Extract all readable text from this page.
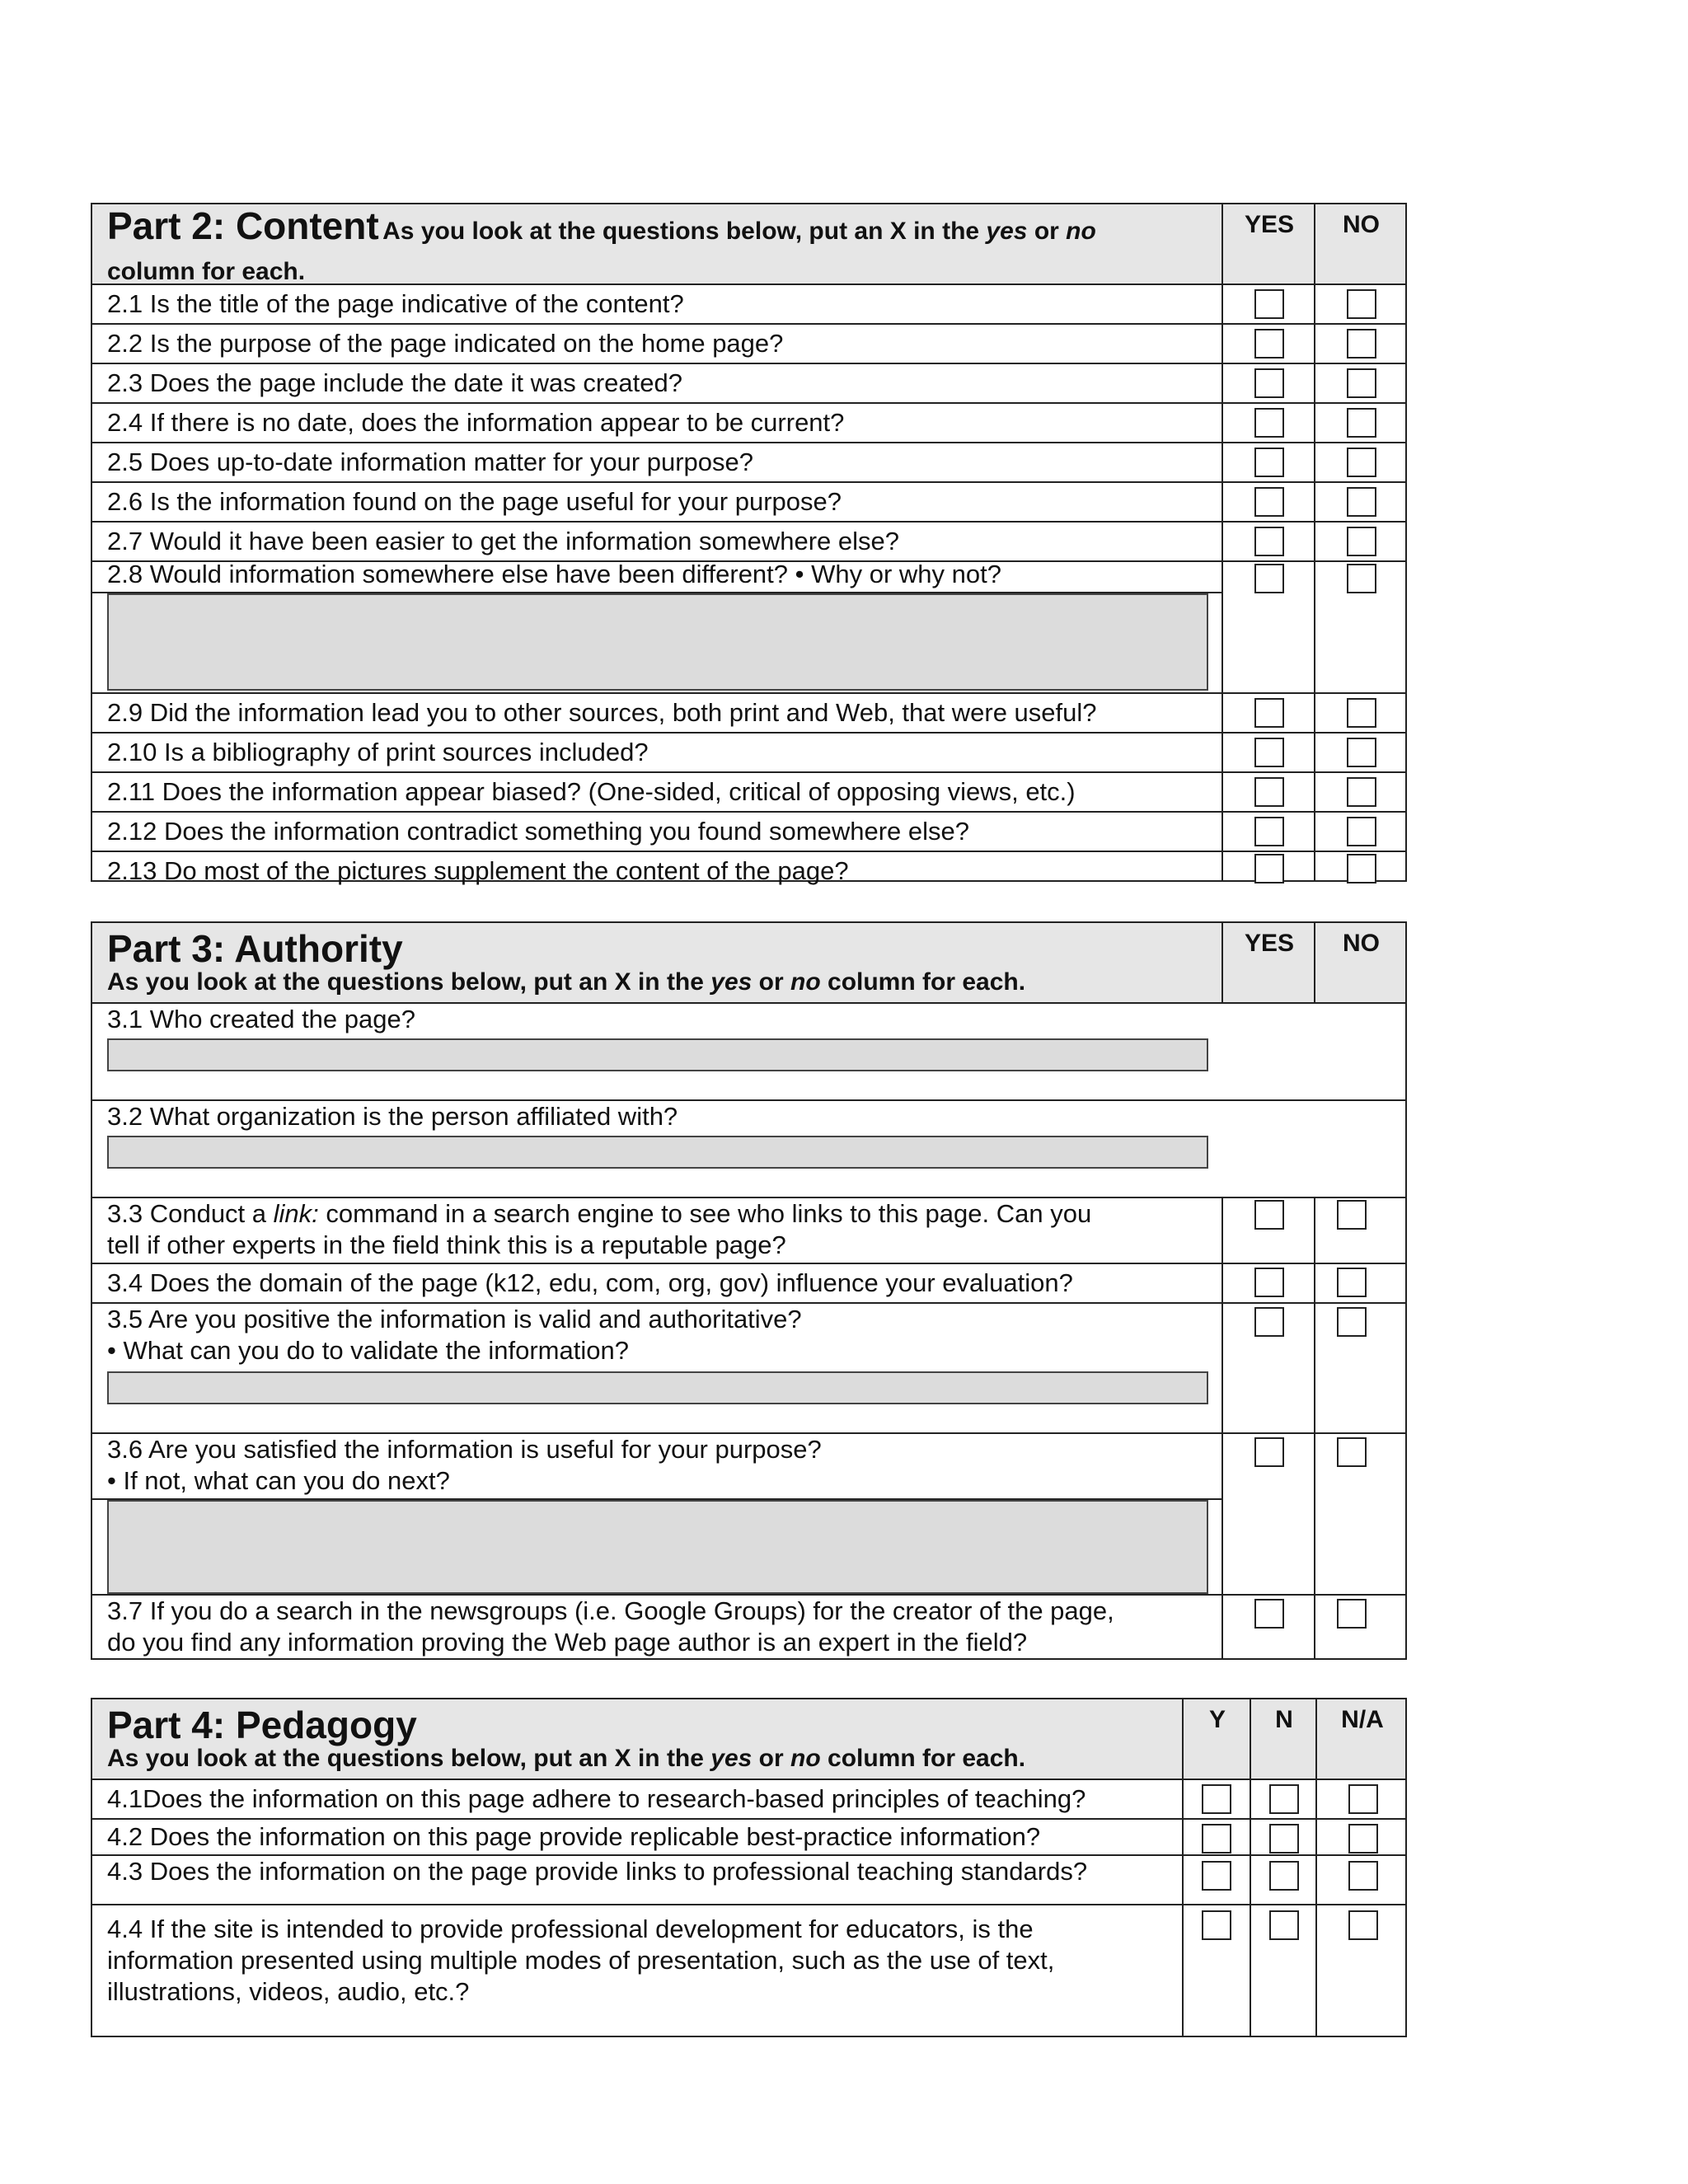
Part 2: Content As you look at the questions below, put an X in the yes or no
column for each.
YES	NO
2.1 Is the title of the page indicative of the content?
2.2 Is the purpose of the page indicated on the home page?
2.3 Does the page include the date it was created?
2.4 If there is no date, does the information appear to be current?
2.5 Does up-to-date information matter for your purpose?
2.6 Is the information found on the page useful for your purpose?
2.7 Would it have been easier to get the information somewhere else?
2.8 Would information somewhere else have been different? • Why or why not?
2.9 Did the information lead you to other sources, both print and Web, that were useful?
2.10 Is a bibliography of print sources included?
2.11 Does the information appear biased? (One-sided, critical of opposing views, etc.)
2.12 Does the information contradict something you found somewhere else?
2.13 Do most of the pictures supplement the content of the page?
Part 3: Authority
As you look at the questions below, put an X in the yes or no column for each.
YES	NO
3.1 Who created the page?
3.2 What organization is the person affiliated with?
3.3 Conduct a link: command in a search engine to see who links to this page. Can you
tell if other experts in the field think this is a reputable page?
3.4 Does the domain of the page (k12, edu, com, org, gov) influence your evaluation?
3.5 Are you positive the information is valid and authoritative?
• What can you do to validate the information?
3.6 Are you satisfied the information is useful for your purpose?
• If not, what can you do next?
3.7 If you do a search in the newsgroups (i.e. Google Groups) for the creator of the page,
do you find any information proving the Web page author is an expert in the field?
Part 4: Pedagogy
As you look at the questions below, put an X in the yes or no column for each.
Y	N	N/A
4.1Does the information on this page adhere to research-based principles of teaching?
4.2 Does the information on this page provide replicable best-practice information?
4.3 Does the information on the page provide links to professional teaching standards?
4.4 If the site is intended to provide professional development for educators, is the
information presented using multiple modes of presentation, such as the use of text,
illustrations, videos, audio, etc.?
